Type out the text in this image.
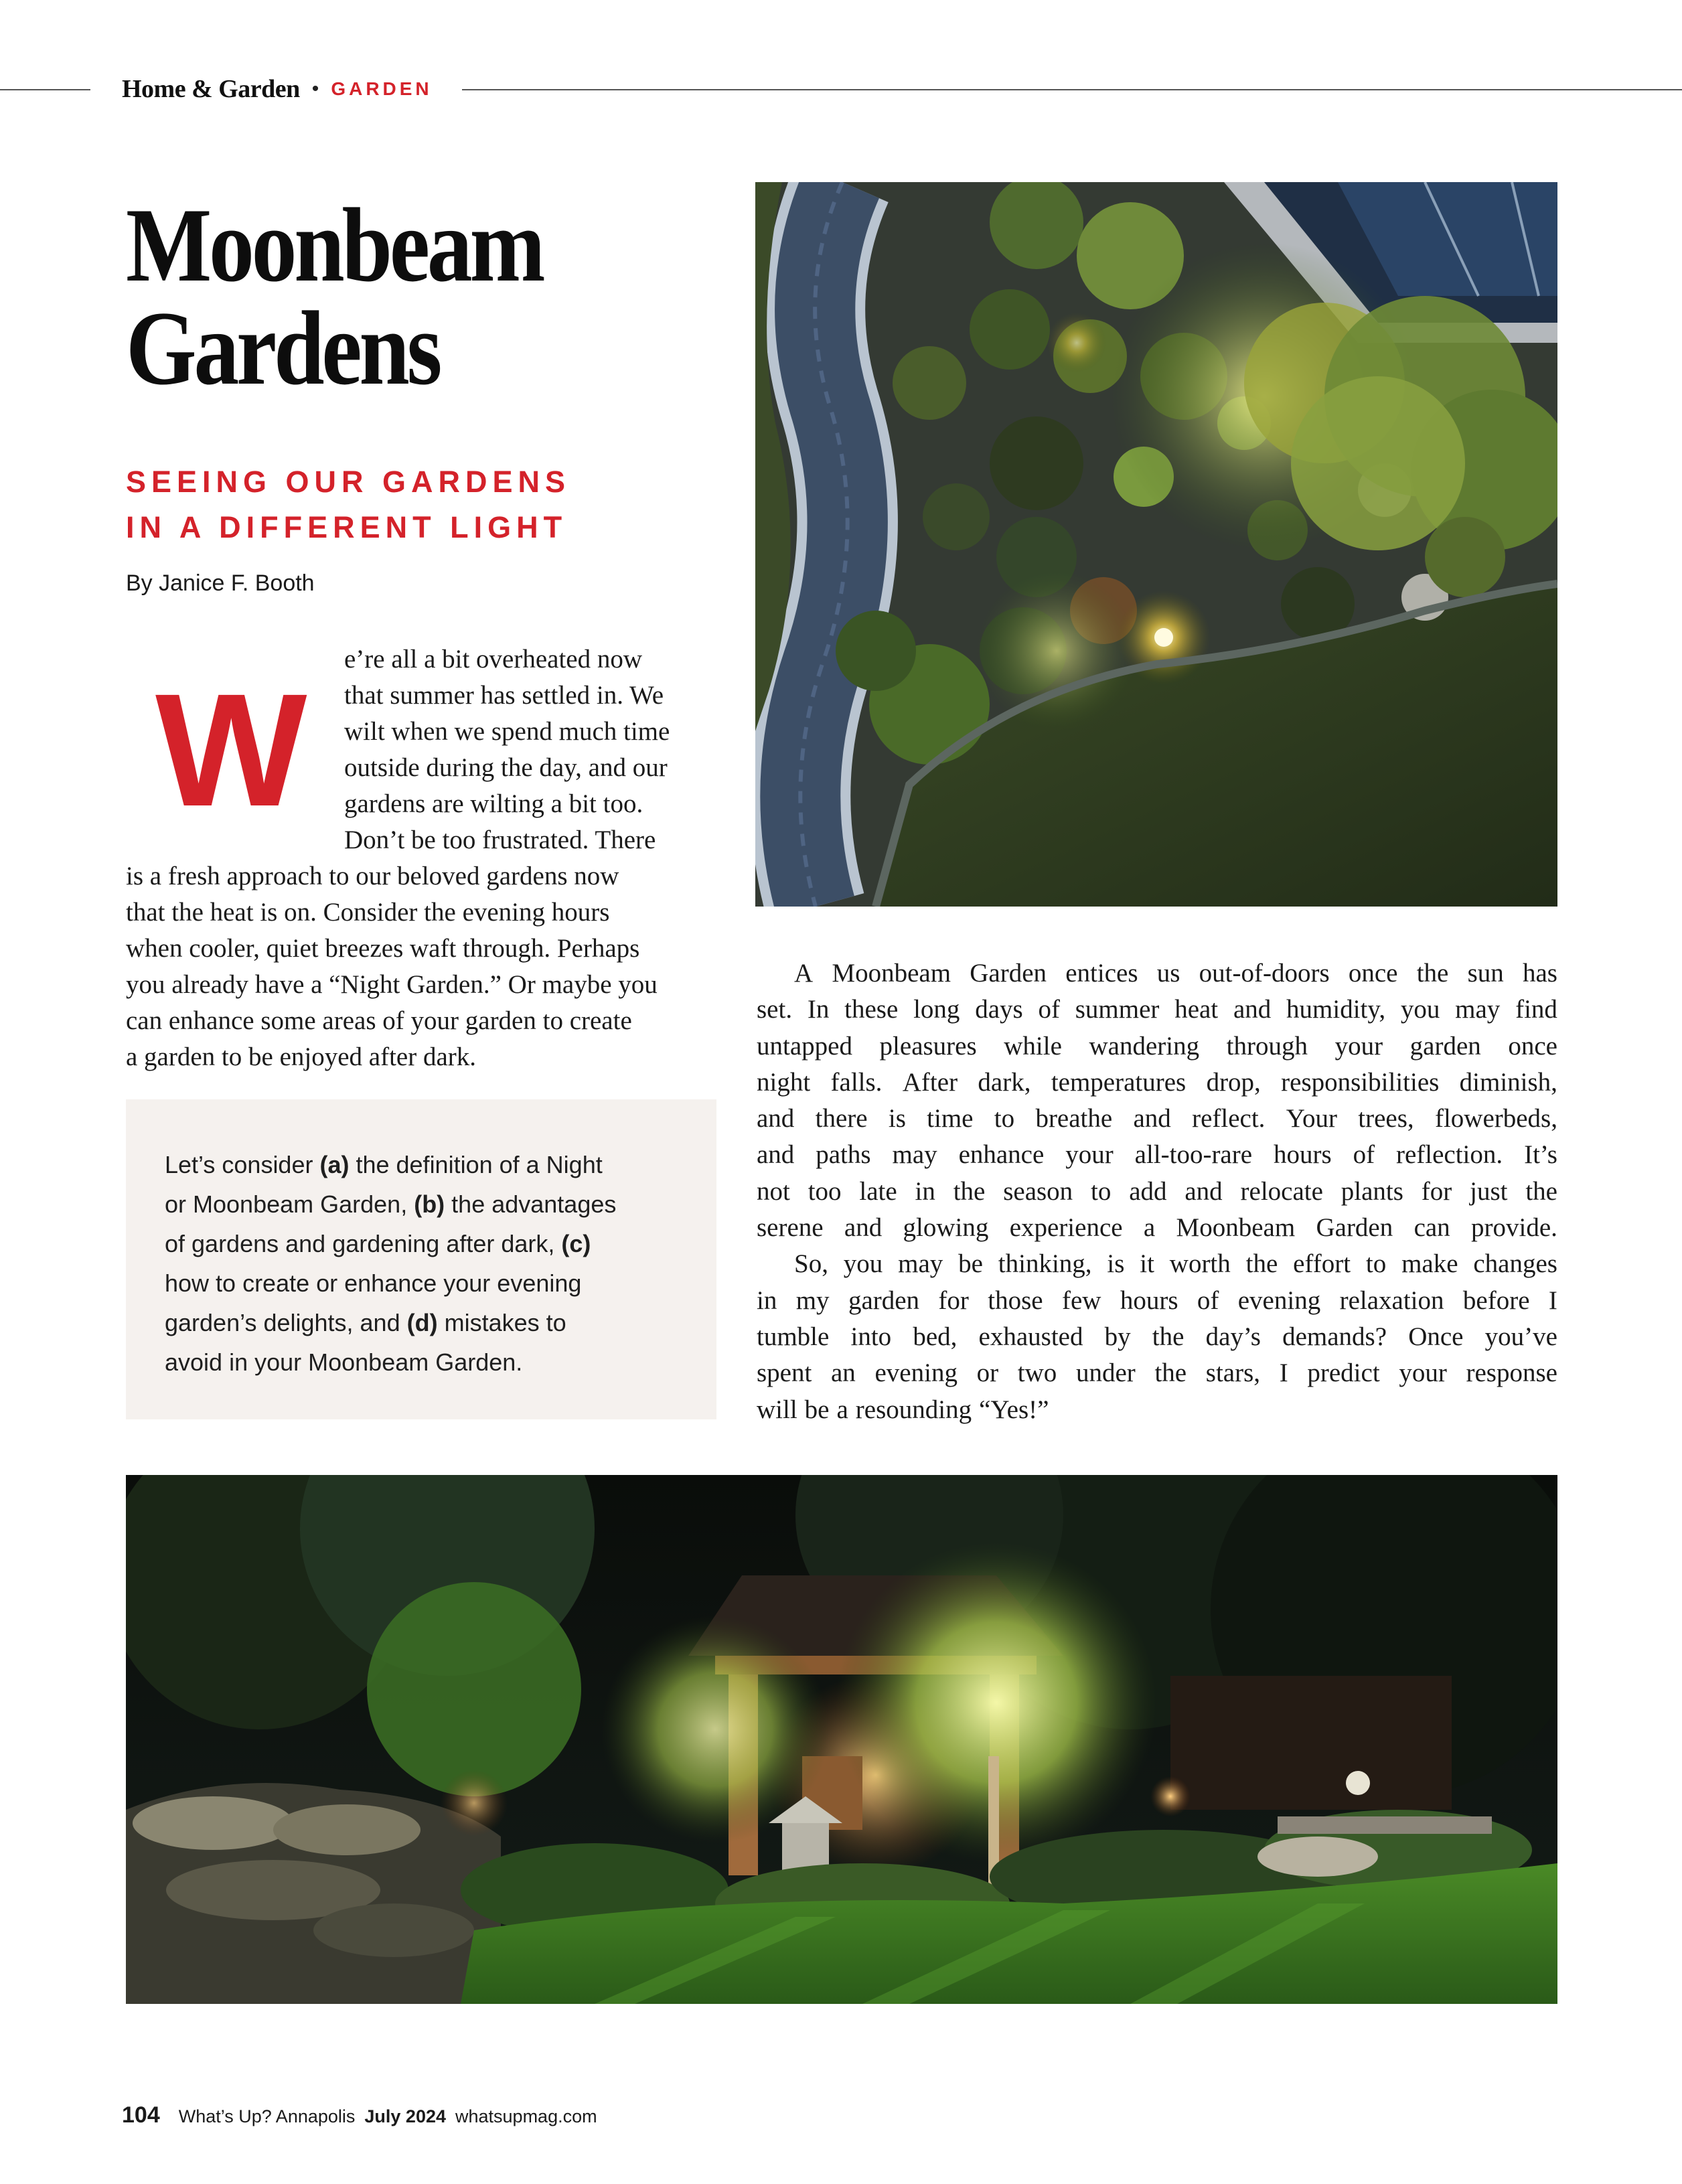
Home & Garden • GARDEN
Moonbeam
Gardens
SEEING OUR GARDENS
IN A DIFFERENT LIGHT
By Janice F. Booth
W
e’re all a bit overheated now
that summer has settled in. We
wilt when we spend much time
outside during the day, and our
gardens are wilting a bit too.
Don’t be too frustrated. There
is a fresh approach to our beloved gardens now
that the heat is on. Consider the evening hours
when cooler, quiet breezes waft through. Perhaps
you already have a “Night Garden.” Or maybe you
can enhance some areas of your garden to create
a garden to be enjoyed after dark.
Let’s consider (a) the definition of a Night
or Moonbeam Garden, (b) the advantages
of gardens and gardening after dark, (c)
how to create or enhance your evening
garden’s delights, and (d) mistakes to
avoid in your Moonbeam Garden.
A Moonbeam Garden entices us out-of-doors once the sun has
set. In these long days of summer heat and humidity, you may find
untapped pleasures while wandering through your garden once
night falls. After dark, temperatures drop, responsibilities diminish,
and there is time to breathe and reflect. Your trees, flowerbeds,
and paths may enhance your all-too-rare hours of reflection. It’s
not too late in the season to add and relocate plants for just the
serene and glowing experience a Moonbeam Garden can provide.
So, you may be thinking, is it worth the effort to make changes
in my garden for those few hours of evening relaxation before I
tumble into bed, exhausted by the day’s demands? Once you’ve
spent an evening or two under the stars, I predict your response
will be a resounding “Yes!”
104 What’s Up? Annapolis July 2024 whatsupmag.com
